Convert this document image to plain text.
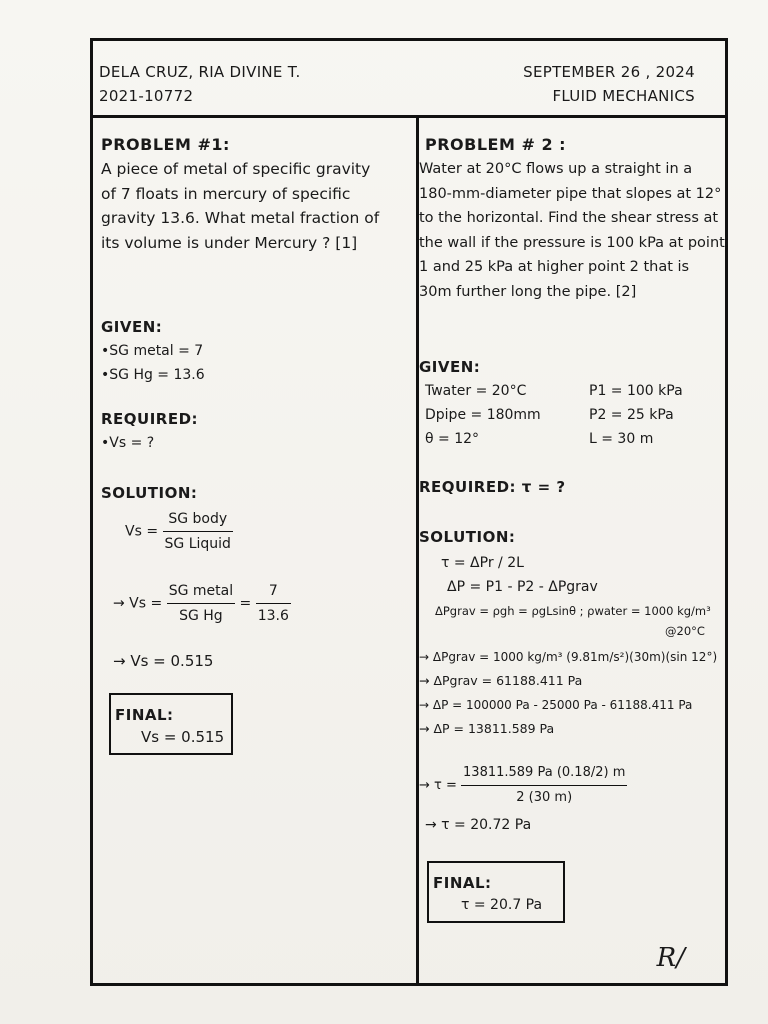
DELA CRUZ, RIA DIVINE T.
2021-10772
SEPTEMBER 26 , 2024
FLUID MECHANICS
PROBLEM #1:
A piece of metal of specific gravity of 7 floats in mercury of specific gravity 13.6. What metal fraction of its volume is under Mercury ? [1]
GIVEN:
•SG metal = 7
•SG Hg = 13.6
REQUIRED:
•Vs = ?
SOLUTION:
$Vs = \frac{\text{SG body}}{\text{SG Liquid}}$
→ $Vs = \frac{\text{SG metal}}{\text{SG Hg}} = \frac{7}{13.6}$
→ Vs = 0.515
FINAL:
Vs = 0.515
PROBLEM # 2 :
Water at 20°C flows up a straight in a 180-mm-diameter pipe that slopes at 12° to the horizontal. Find the shear stress at the wall if the pressure is 100 kPa at point 1 and 25 kPa at higher point 2 that is 30m further long the pipe. [2]
GIVEN:
Twater = 20°C
Dpipe = 180mm
θ = 12°
P1 = 100 kPa
P2 = 25 kPa
L = 30 m
REQUIRED: τ = ?
SOLUTION:
τ = ΔPr / 2L
ΔP = P1 - P2 - ΔPgrav
ΔPgrav = ρgh = ρgLsinθ ; ρwater = 1000 kg/m³
@20°C
→ ΔPgrav = 1000 kg/m³ (9.81m/s²)(30m)(sin 12°)
→ ΔPgrav = 61188.411 Pa
→ ΔP = 100000 Pa - 25000 Pa - 61188.411 Pa
→ ΔP = 13811.589 Pa
→ $\tau = \frac{13811.589 Pa (0.18/2) m}{2 (30 m)}$
→ τ = 20.72 Pa
FINAL:
τ = 20.7 Pa
R/
